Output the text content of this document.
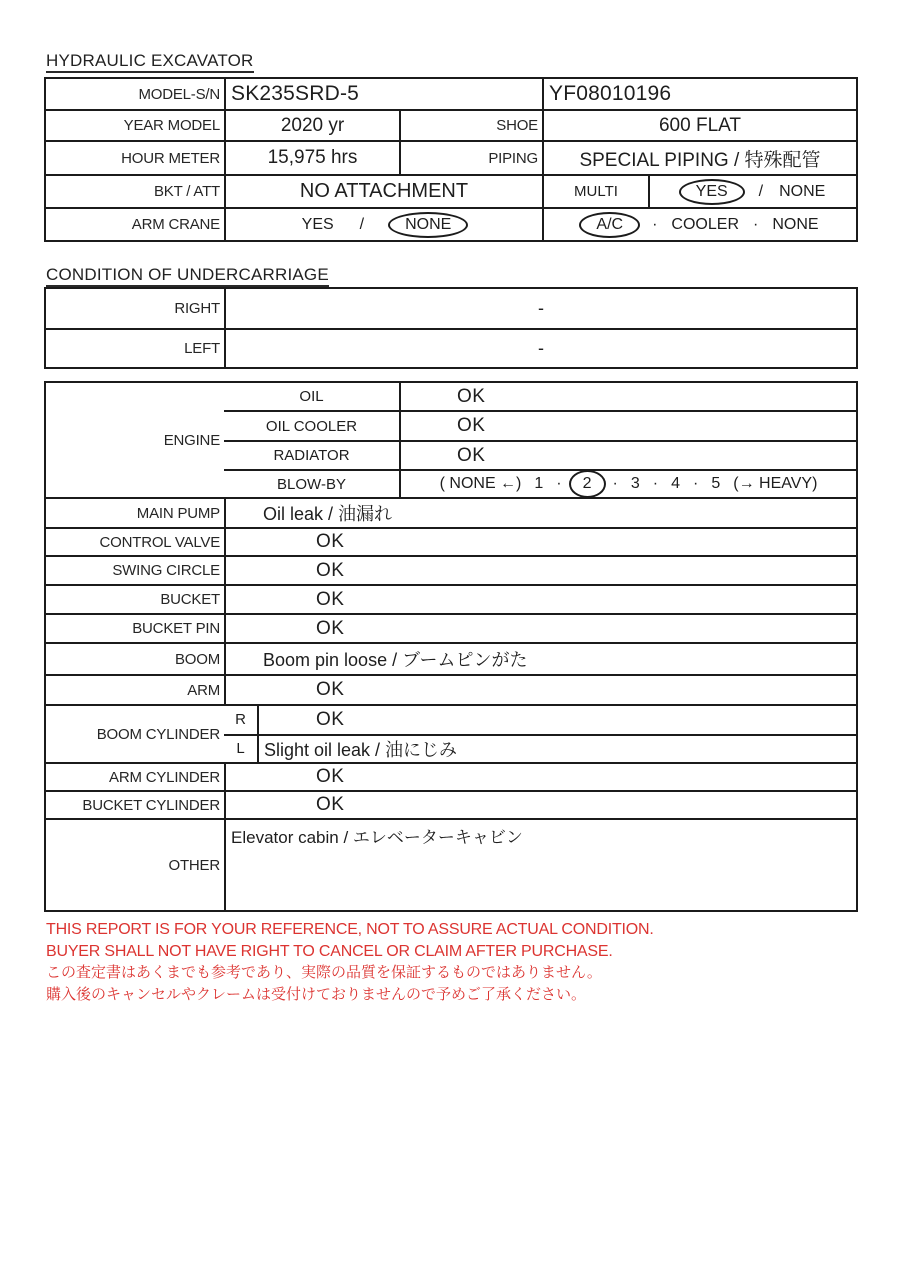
HYDRAULIC EXCAVATOR
MODEL-S/N SK235SRD-5	YF08010196
YEAR MODEL	2020 yr	SHOE	600 FLAT
HOUR METER	15,975 hrs	PIPING	SPECIAL PIPING / 特殊配管
BKT / ATT	NO ATTACHMENT	MULTI	YES / NONE
ARM CRANE	YES /	NONE	A/C · COOLER · NONE
CONDITION OF UNDERCARRIAGE
RIGHT	-
LEFT	-
ENGINE
OIL	OK
OIL COOLER	OK
RADIATOR	OK
BLOW-BY	( NONE ←) 1 · 2 · 3 · 4 · 5 (→ HEAVY)
MAIN PUMP	Oil leak / 油漏れ
CONTROL VALVE	OK
SWING CIRCLE	OK
BUCKET	OK
BUCKET PIN	OK
BOOM	Boom pin loose / ブームピンがた
ARM	OK
BOOM CYLINDER
R	OK
L	Slight oil leak / 油にじみ
ARM CYLINDER	OK
BUCKET CYLINDER	OK
OTHER
Elevator cabin / エレベーターキャビン
THIS REPORT IS FOR YOUR REFERENCE, NOT TO ASSURE ACTUAL CONDITION.
BUYER SHALL NOT HAVE RIGHT TO CANCEL OR CLAIM AFTER PURCHASE.
この査定書はあくまでも参考であり、実際の品質を保証するものではありません。
購入後のキャンセルやクレームは受付けておりませんので予めご了承ください。
